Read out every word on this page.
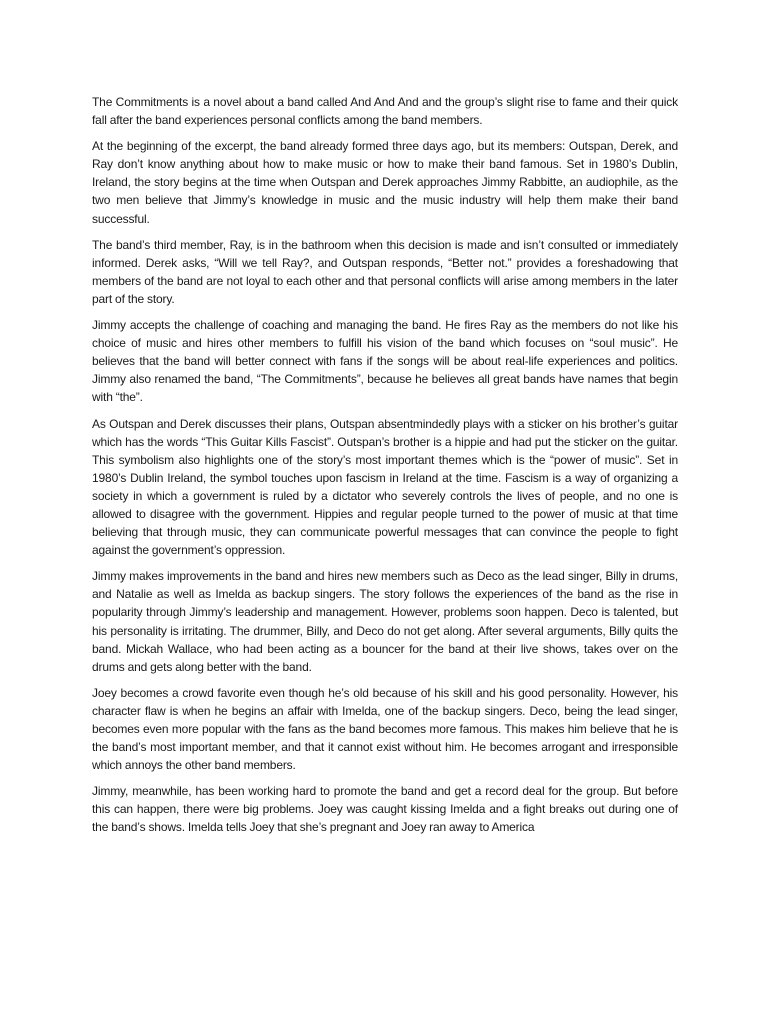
The Commitments is a novel about a band called And And And and the group’s slight rise to fame and their quick fall after the band experiences personal conflicts among the band members.

At the beginning of the excerpt, the band already formed three days ago, but its members: Outspan, Derek, and Ray don’t know anything about how to make music or how to make their band famous. Set in 1980’s Dublin, Ireland, the story begins at the time when Outspan and Derek approaches Jimmy Rabbitte, an audiophile, as the two men believe that Jimmy’s knowledge in music and the music industry will help them make their band successful.

The band’s third member, Ray, is in the bathroom when this decision is made and isn’t consulted or immediately informed. Derek asks, “Will we tell Ray?, and Outspan responds, “Better not.” provides a foreshadowing that members of the band are not loyal to each other and that personal conflicts will arise among members in the later part of the story.

Jimmy accepts the challenge of coaching and managing the band. He fires Ray as the members do not like his choice of music and hires other members to fulfill his vision of the band which focuses on “soul music”. He believes that the band will better connect with fans if the songs will be about real-life experiences and politics. Jimmy also renamed the band, “The Commitments”, because he believes all great bands have names that begin with “the”.

As Outspan and Derek discusses their plans, Outspan absentmindedly plays with a sticker on his brother’s guitar which has the words “This Guitar Kills Fascist”. Outspan’s brother is a hippie and had put the sticker on the guitar. This symbolism also highlights one of the story’s most important themes which is the “power of music”. Set in 1980’s Dublin Ireland, the symbol touches upon fascism in Ireland at the time. Fascism is a way of organizing a society in which a government is ruled by a dictator who severely controls the lives of people, and no one is allowed to disagree with the government. Hippies and regular people turned to the power of music at that time believing that through music, they can communicate powerful messages that can convince the people to fight against the government’s oppression.

Jimmy makes improvements in the band and hires new members such as Deco as the lead singer, Billy in drums, and Natalie as well as Imelda as backup singers. The story follows the experiences of the band as the rise in popularity through Jimmy’s leadership and management. However, problems soon happen. Deco is talented, but his personality is irritating. The drummer, Billy, and Deco do not get along. After several arguments, Billy quits the band. Mickah Wallace, who had been acting as a bouncer for the band at their live shows, takes over on the drums and gets along better with the band.

Joey becomes a crowd favorite even though he’s old because of his skill and his good personality. However, his character flaw is when he begins an affair with Imelda, one of the backup singers. Deco, being the lead singer, becomes even more popular with the fans as the band becomes more famous. This makes him believe that he is the band’s most important member, and that it cannot exist without him. He becomes arrogant and irresponsible which annoys the other band members.

Jimmy, meanwhile, has been working hard to promote the band and get a record deal for the group. But before this can happen, there were big problems. Joey was caught kissing Imelda and a fight breaks out during one of the band’s shows. Imelda tells Joey that she’s pregnant and Joey ran away to America
